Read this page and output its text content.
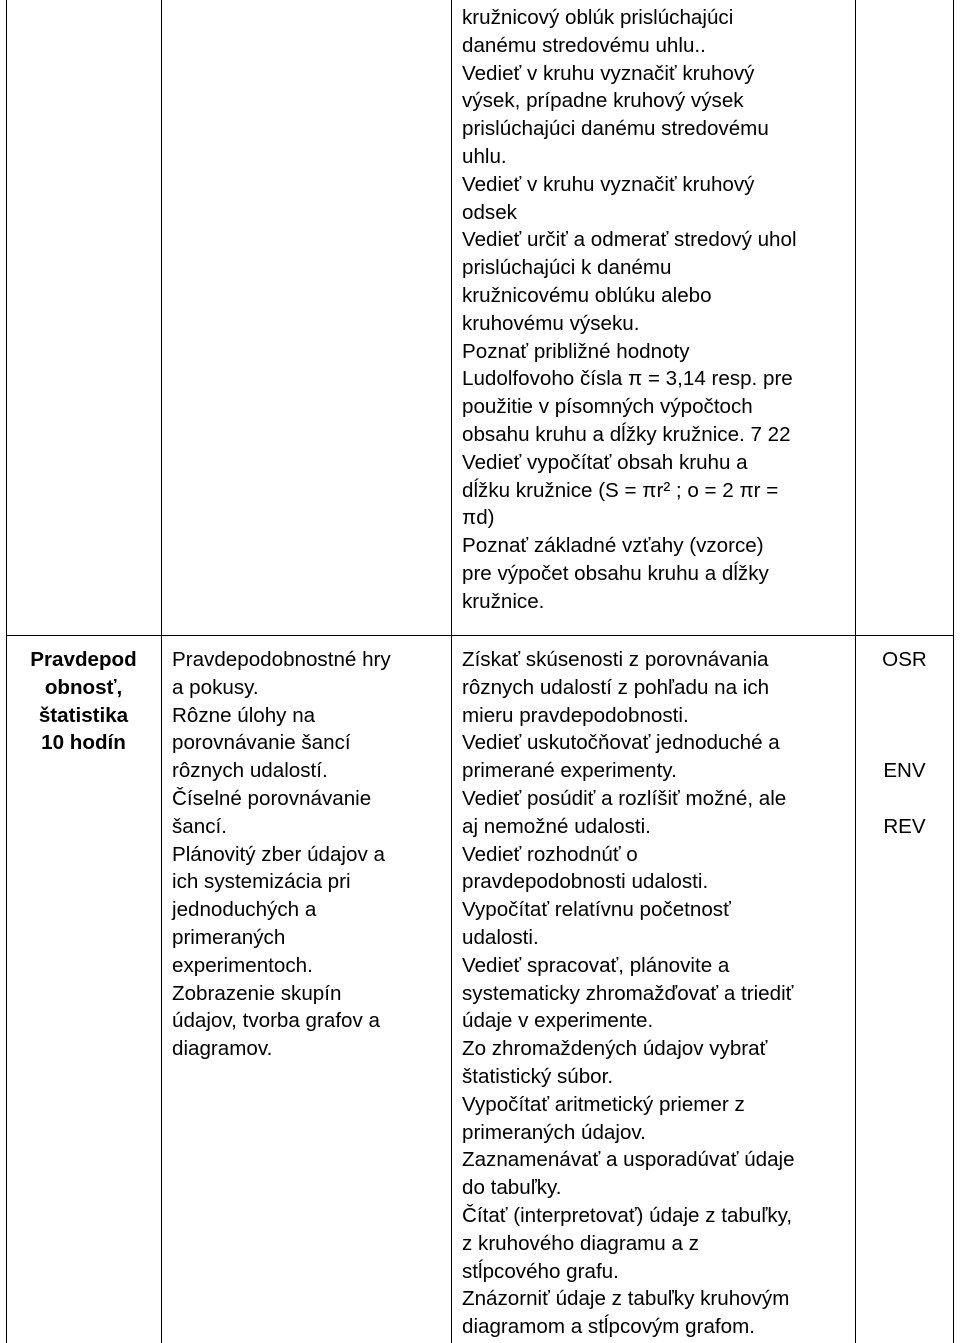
kružnicový oblúk prislúchajúci
danému stredovému uhlu..
Vedieť v kruhu vyznačiť kruhový
výsek, prípadne kruhový výsek
prislúchajúci danému stredovému
uhlu.
Vedieť v kruhu vyznačiť kruhový
odsek
Vedieť určiť a odmerať stredový uhol
prislúchajúci k danému
kružnicovému oblúku alebo
kruhovému výseku.
Poznať približné hodnoty
Ludolfovoho čísla π = 3,14 resp. pre
použitie v písomných výpočtoch
obsahu kruhu a dĺžky kružnice. 7 22
Vedieť vypočítať obsah kruhu a
dĺžku kružnice (S = πr² ; o = 2 πr =
πd)
Poznať základné vzťahy (vzorce)
pre výpočet obsahu kruhu a dĺžky
kružnice.
Pravdepod
obnosť,
štatistika
10 hodín
Pravdepodobnostné hry
a pokusy.
Rôzne úlohy na
porovnávanie šancí
rôznych udalostí.
Číselné porovnávanie
šancí.
Plánovitý zber údajov a
ich systemizácia pri
jednoduchých a
primeraných
experimentoch.
Zobrazenie skupín
údajov, tvorba grafov a
diagramov.
Získať skúsenosti z porovnávania
rôznych udalostí z pohľadu na ich
mieru pravdepodobnosti.
Vedieť uskutočňovať jednoduché a
primerané experimenty.
Vedieť posúdiť a rozlíšiť možné, ale
aj nemožné udalosti.
Vedieť rozhodnúť o
pravdepodobnosti udalosti.
Vypočítať relatívnu početnosť
udalosti.
Vedieť spracovať, plánovite a
systematicky zhromažďovať a triediť
údaje v experimente.
Zo zhromaždených údajov vybrať
štatistický súbor.
Vypočítať aritmetický priemer z
primeraných údajov.
Zaznamenávať a usporadúvať údaje
do tabuľky.
Čítať (interpretovať) údaje z tabuľky,
z kruhového diagramu a z
stĺpcového grafu.
Znázorniť údaje z tabuľky kruhovým
diagramom a stĺpcovým grafom.
OSR
ENV
REV
